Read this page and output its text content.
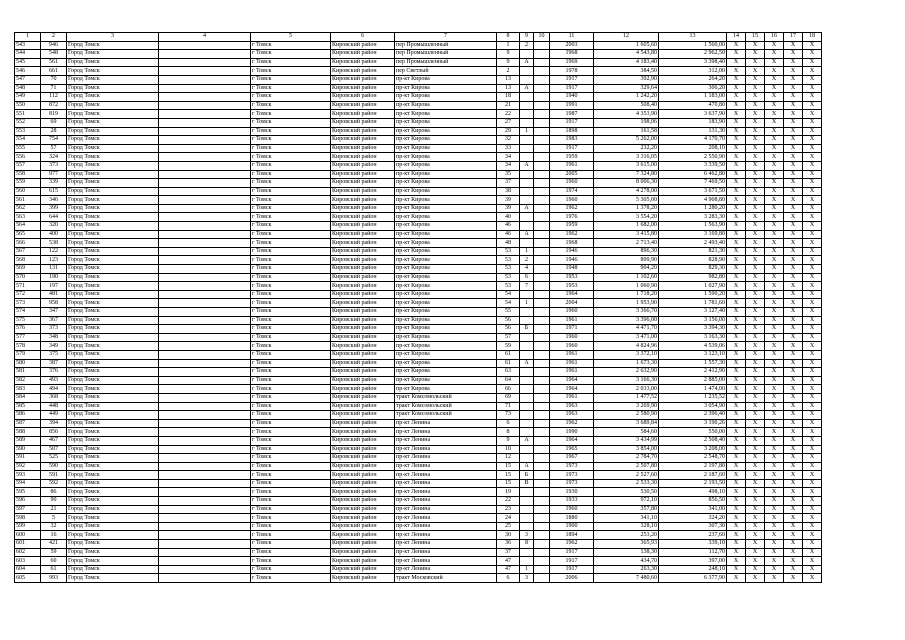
1	2	3	4	5	6	7	8	9	10	11	12	13	14	15	16	17	18
543	946	Город Томск		г Томск	Кировский район	пер Промышленный	1	2		2003	1 605,60	1 560,00	X	X	X	X	X
544	548	Город Томск		г Томск	Кировский район	пер Промышленный	9			1968	4 543,80	2 962,50	X	X	X	X	X
545	561	Город Томск		г Томск	Кировский район	пер Промышленный	9	А		1969	4 183,40	3 398,40	X	X	X	X	X
546	661	Город Томск		г Томск	Кировский район	пер Светлый	2			1978	384,50	312,00	X	X	X	X	X
547	70	Город Томск		г Томск	Кировский район	пр-кт Кирова	13			1917	392,90	264,20	X	X	X	X	X
548	71	Город Томск		г Томск	Кировский район	пр-кт Кирова	13	А		1917	329,64	306,20	X	X	X	X	X
549	112	Город Томск		г Томск	Кировский район	пр-кт Кирова	18			1940	1 242,20	1 183,00	X	X	X	X	X
550	872	Город Томск		г Томск	Кировский район	пр-кт Кирова	21			1991	508,40	470,80	X	X	X	X	X
551	819	Город Томск		г Томск	Кировский район	пр-кт Кирова	22			1987	4 353,90	3 637,90	X	X	X	X	X
552	69	Город Томск		г Томск	Кировский район	пр-кт Кирова	27			1917	198,06	183,90	X	X	X	X	X
553	28	Город Томск		г Томск	Кировский район	пр-кт Кирова	29	1		1898	161,58	131,30	X	X	X	X	X
554	754	Город Томск		г Томск	Кировский район	пр-кт Кирова	32			1983	5 262,00	4 170,70	X	X	X	X	X
555	57	Город Томск		г Томск	Кировский район	пр-кт Кирова	33			1917	232,20	208,10	X	X	X	X	X
556	324	Город Томск		г Томск	Кировский район	пр-кт Кирова	34			1959	3 316,05	2 550,90	X	X	X	X	X
557	373	Город Томск		г Томск	Кировский район	пр-кт Кирова	34	А		1961	3 615,00	3 339,50	X	X	X	X	X
558	977	Город Томск		г Томск	Кировский район	пр-кт Кирова	35			2005	7 324,80	6 462,80	X	X	X	X	X
559	339	Город Томск		г Томск	Кировский район	пр-кт Кирова	37			1960	8 006,30	7 469,50	X	X	X	X	X
560	615	Город Томск		г Томск	Кировский район	пр-кт Кирова	38			1974	4 278,00	3 671,50	X	X	X	X	X
561	346	Город Томск		г Томск	Кировский район	пр-кт Кирова	39			1960	5 305,00	4 908,80	X	X	X	X	X
562	399	Город Томск		г Томск	Кировский район	пр-кт Кирова	39	А		1962	1 378,20	1 280,20	X	X	X	X	X
563	644	Город Томск		г Томск	Кировский район	пр-кт Кирова	40			1976	3 554,20	3 283,30	X	X	X	X	X
564	320	Город Томск		г Томск	Кировский район	пр-кт Кирова	46			1959	1 682,00	1 563,90	X	X	X	X	X
565	400	Город Томск		г Томск	Кировский район	пр-кт Кирова	46	А		1962	3 415,80	3 169,80	X	X	X	X	X
566	538	Город Томск		г Томск	Кировский район	пр-кт Кирова	48			1968	2 713,40	2 493,40	X	X	X	X	X
567	122	Город Томск		г Томск	Кировский район	пр-кт Кирова	53	1		1946	896,30	821,30	X	X	X	X	X
568	123	Город Томск		г Томск	Кировский район	пр-кт Кирова	53	2		1946	899,90	828,90	X	X	X	X	X
569	131	Город Томск		г Томск	Кировский район	пр-кт Кирова	53	4		1948	904,20	829,30	X	X	X	X	X
570	190	Город Томск		г Томск	Кировский район	пр-кт Кирова	53	6		1953	1 102,60	982,80	X	X	X	X	X
571	197	Город Томск		г Томск	Кировский район	пр-кт Кирова	53	7		1953	1 060,90	1 027,90	X	X	X	X	X
572	481	Город Томск		г Томск	Кировский район	пр-кт Кирова	54			1964	1 718,20	1 590,20	X	X	X	X	X
573	958	Город Томск		г Томск	Кировский район	пр-кт Кирова	54	1		2004	1 953,90	1 781,60	X	X	X	X	X
574	347	Город Томск		г Томск	Кировский район	пр-кт Кирова	55			1960	3 366,70	3 127,40	X	X	X	X	X
575	367	Город Томск		г Томск	Кировский район	пр-кт Кирова	56			1961	3 396,00	3 156,00	X	X	X	X	X
576	373	Город Томск		г Томск	Кировский район	пр-кт Кирова	56	Б		1971	4 471,70	3 394,30	X	X	X	X	X
577	348	Город Томск		г Томск	Кировский район	пр-кт Кирова	57			1960	3 471,00	3 163,30	X	X	X	X	X
578	349	Город Томск		г Томск	Кировский район	пр-кт Кирова	59			1960	4 824,96	4 539,06	X	X	X	X	X
579	375	Город Томск		г Томск	Кировский район	пр-кт Кирова	61			1961	3 372,10	3 123,10	X	X	X	X	X
580	387	Город Томск		г Томск	Кировский район	пр-кт Кирова	61	А		1961	1 673,30	1 557,30	X	X	X	X	X
581	376	Город Томск		г Томск	Кировский район	пр-кт Кирова	63			1961	2 632,90	2 412,90	X	X	X	X	X
582	493	Город Томск		г Томск	Кировский район	пр-кт Кирова	64			1964	3 166,30	2 885,00	X	X	X	X	X
583	494	Город Томск		г Томск	Кировский район	пр-кт Кирова	66			1964	2 033,00	1 474,00	X	X	X	X	X
584	368	Город Томск		г Томск	Кировский район	тракт Комсомольский	69			1961	1 477,52	1 235,52	X	X	X	X	X
585	448	Город Томск		г Томск	Кировский район	тракт Комсомольский	71			1963	3 269,90	3 054,90	X	X	X	X	X
586	449	Город Томск		г Томск	Кировский район	тракт Комсомольский	73			1963	2 580,90	2 396,40	X	X	X	X	X
587	394	Город Томск		г Томск	Кировский район	пр-кт Ленина	6			1962	3 689,84	3 190,26	X	X	X	X	X
588	856	Город Томск		г Томск	Кировский район	пр-кт Ленина	8			1990	584,60	550,00	X	X	X	X	X
589	467	Город Томск		г Томск	Кировский район	пр-кт Ленина	9	А		1964	3 434,99	2 508,40	X	X	X	X	X
590	507	Город Томск		г Томск	Кировский район	пр-кт Ленина	10			1965	3 854,00	3 208,00	X	X	X	X	X
591	525	Город Томск		г Томск	Кировский район	пр-кт Ленина	12			1967	2 784,70	2 548,70	X	X	X	X	X
592	590	Город Томск		г Томск	Кировский район	пр-кт Ленина	15	А		1973	2 507,80	2 197,80	X	X	X	X	X
593	591	Город Томск		г Томск	Кировский район	пр-кт Ленина	15	Б		1973	2 527,60	2 187,60	X	X	X	X	X
594	592	Город Томск		г Томск	Кировский район	пр-кт Ленина	15	В		1973	2 533,30	2 193,50	X	X	X	X	X
595	86	Город Томск		г Томск	Кировский район	пр-кт Ленина	19			1930	530,50	498,10	X	X	X	X	X
596	90	Город Томск		г Томск	Кировский район	пр-кт Ленина	22			1933	972,10	856,50	X	X	X	X	X
597	21	Город Томск		г Томск	Кировский район	пр-кт Ленина	23			1960	357,80	341,00	X	X	X	X	X
598	5	Город Томск		г Томск	Кировский район	пр-кт Ленина	24			1880	341,10	324,20	X	X	X	X	X
599	32	Город Томск		г Томск	Кировский район	пр-кт Ленина	25			1900	328,10	307,30	X	X	X	X	X
600	16	Город Томск		г Томск	Кировский район	пр-кт Ленина	30	3		1894	253,20	237,60	X	X	X	X	X
601	421	Город Томск		г Томск	Кировский район	пр-кт Ленина	36	8		1962	365,93	339,10	X	X	X	X	X
602	59	Город Томск		г Томск	Кировский район	пр-кт Ленина	37			1917	138,30	112,70	X	X	X	X	X
603	60	Город Томск		г Томск	Кировский район	пр-кт Ленина	47			1917	434,70	397,00	X	X	X	X	X
604	61	Город Томск		г Томск	Кировский район	пр-кт Ленина	47	1		1917	263,30	248,10	X	X	X	X	X
605	993	Город Томск		г Томск	Кировский район	тракт Московский	6	3		2006	7 480,60	6 377,90	X	X	X	X	X
